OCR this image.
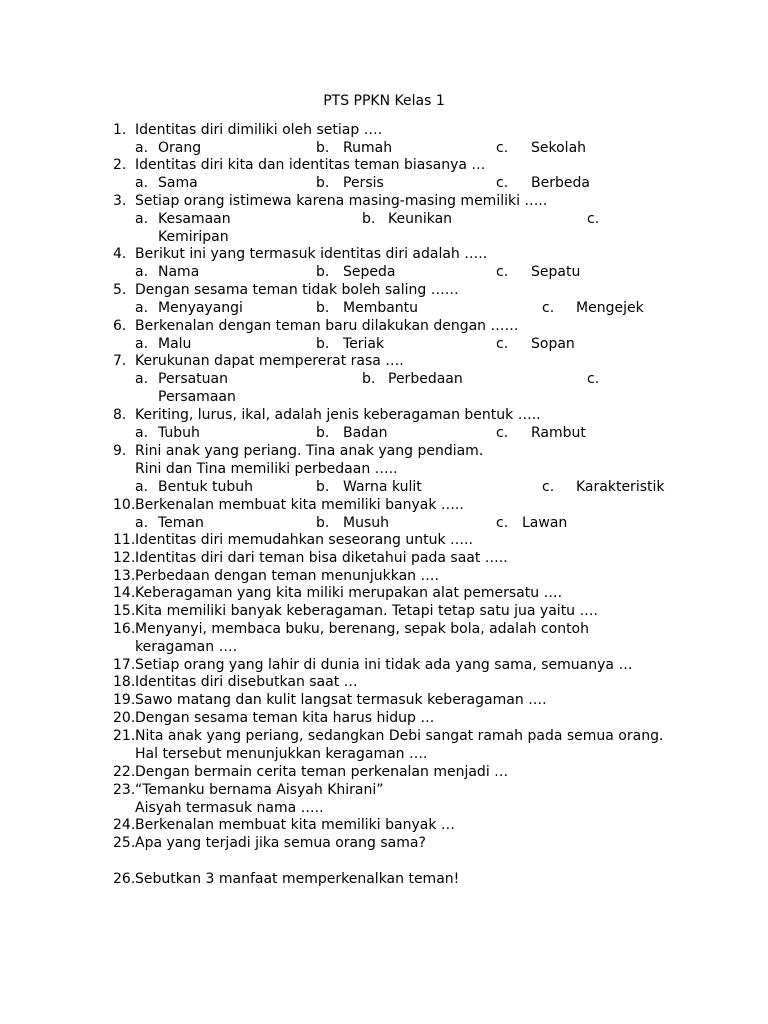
PTS PPKN Kelas 1
1. Identitas diri dimiliki oleh setiap ….
a. Orang	b. Rumah	c. Sekolah
2. Identitas diri kita dan identitas teman biasanya …
a. Sama	b. Persis	c. Berbeda
3. Setiap orang istimewa karena masing-masing memiliki …..
a. Kesamaan	b. Keunikan	c.
Kemiripan
4. Berikut ini yang termasuk identitas diri adalah …..
a. Nama	b. Sepeda	c. Sepatu
5. Dengan sesama teman tidak boleh saling ……
a. Menyayangi	b. Membantu	c. Mengejek
6. Berkenalan dengan teman baru dilakukan dengan ……
a. Malu	b. Teriak	c. Sopan
7. Kerukunan dapat mempererat rasa ….
a. Persatuan	b. Perbedaan	c.
Persamaan
8. Keriting, lurus, ikal, adalah jenis keberagaman bentuk …..
a. Tubuh	b. Badan	c. Rambut
9. Rini anak yang periang. Tina anak yang pendiam.
Rini dan Tina memiliki perbedaan …..
a. Bentuk tubuh	b. Warna kulit	c. Karakteristik
10. Berkenalan membuat kita memiliki banyak …..
a. Teman	b. Musuh	c. Lawan
11. Identitas diri memudahkan seseorang untuk …..
12. Identitas diri dari teman bisa diketahui pada saat …..
13. Perbedaan dengan teman menunjukkan ….
14. Keberagaman yang kita miliki merupakan alat pemersatu ….
15. Kita memiliki banyak keberagaman. Tetapi tetap satu jua yaitu ….
16. Menyanyi, membaca buku, berenang, sepak bola, adalah contoh
keragaman ….
17. Setiap orang yang lahir di dunia ini tidak ada yang sama, semuanya …
18. Identitas diri disebutkan saat …
19. Sawo matang dan kulit langsat termasuk keberagaman ….
20. Dengan sesama teman kita harus hidup …
21. Nita anak yang periang, sedangkan Debi sangat ramah pada semua orang.
Hal tersebut menunjukkan keragaman ….
22. Dengan bermain cerita teman perkenalan menjadi …
23. “Temanku bernama Aisyah Khirani”
Aisyah termasuk nama …..
24. Berkenalan membuat kita memiliki banyak …
25. Apa yang terjadi jika semua orang sama?
26. Sebutkan 3 manfaat memperkenalkan teman!
